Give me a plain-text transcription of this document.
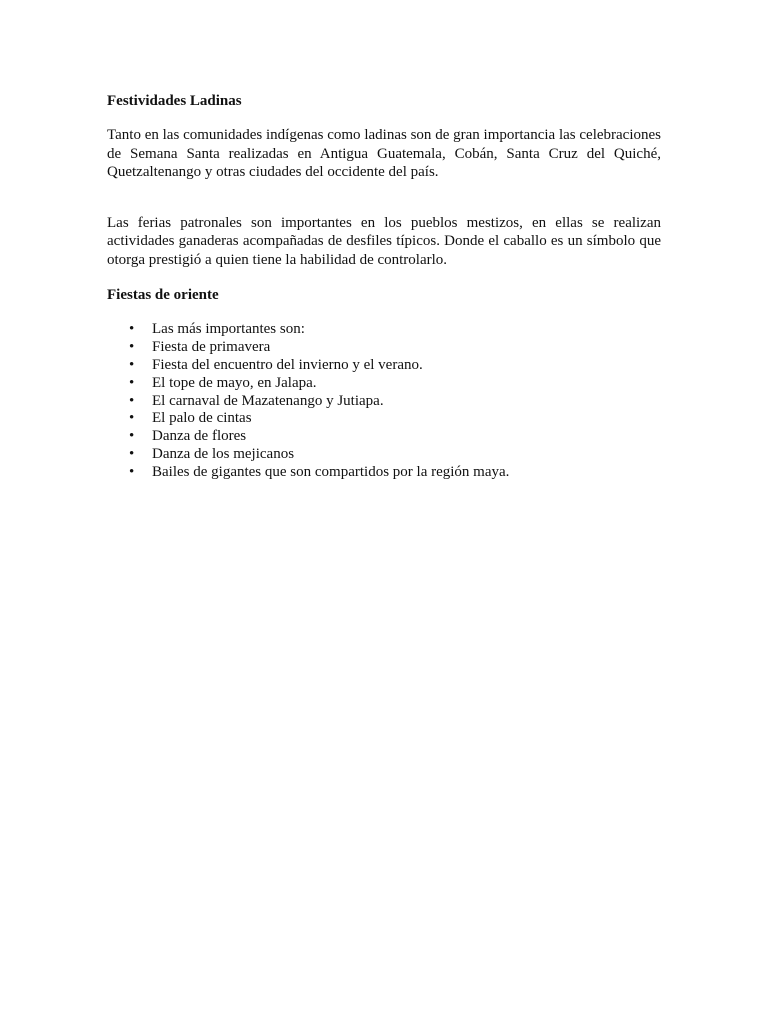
Festividades Ladinas

Tanto en las comunidades indígenas como ladinas son de gran importancia las celebraciones de Semana Santa realizadas en Antigua Guatemala, Cobán, Santa Cruz del Quiché, Quetzaltenango y otras ciudades del occidente del país.

Las ferias patronales son importantes en los pueblos mestizos, en ellas se realizan actividades ganaderas acompañadas de desfiles típicos. Donde el caballo es un símbolo que otorga prestigió a quien tiene la habilidad de controlarlo.

Fiestas de oriente

• Las más importantes son:
• Fiesta de primavera
• Fiesta del encuentro del invierno y el verano.
• El tope de mayo, en Jalapa.
• El carnaval de Mazatenango y Jutiapa.
• El palo de cintas
• Danza de flores
• Danza de los mejicanos
• Bailes de gigantes que son compartidos por la región maya.
